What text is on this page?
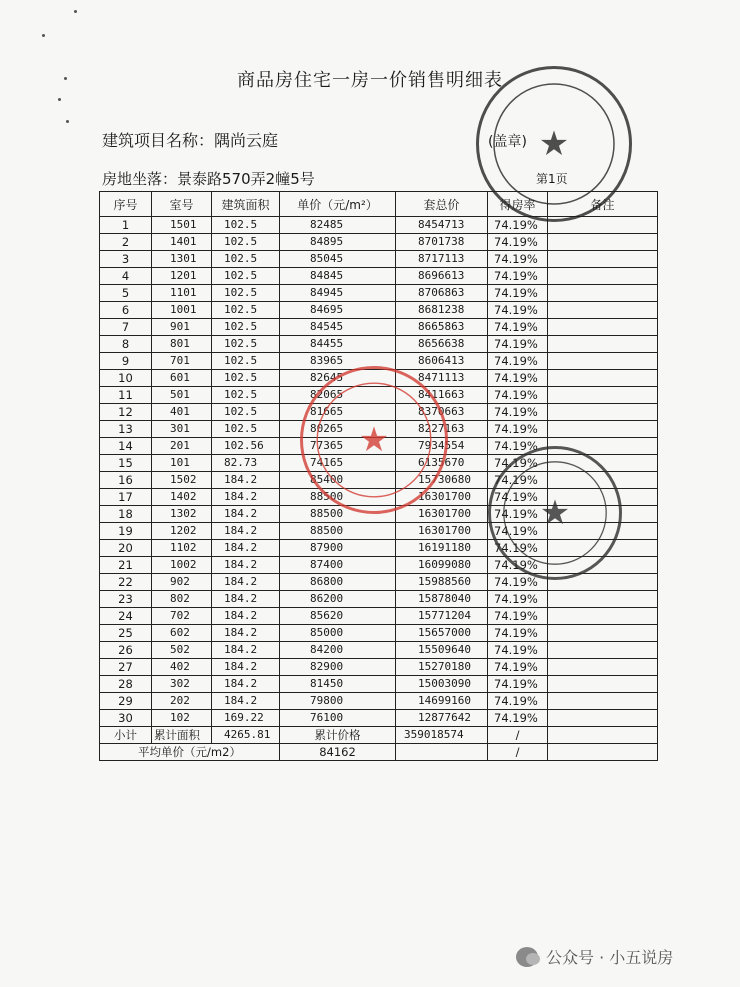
商品房住宅一房一价销售明细表
建筑项目名称：隅尚云庭	(盖章)
房地坐落：景泰路570弄2幢5号	第1页
序号	室号	建筑面积	单价（元/m²）	套总价	得房率	备注
1	1501	102.5	82485	8454713	74.19%	
2	1401	102.5	84895	8701738	74.19%	
3	1301	102.5	85045	8717113	74.19%	
4	1201	102.5	84845	8696613	74.19%	
5	1101	102.5	84945	8706863	74.19%	
6	1001	102.5	84695	8681238	74.19%	
7	901	102.5	84545	8665863	74.19%	
8	801	102.5	84455	8656638	74.19%	
9	701	102.5	83965	8606413	74.19%	
10	601	102.5	82645	8471113	74.19%	
11	501	102.5	82065	8411663	74.19%	
12	401	102.5	81665	8370663	74.19%	
13	301	102.5	80265	8227163	74.19%	
14	201	102.56	77365	7934554	74.19%	
15	101	82.73	74165	6135670	74.19%	
16	1502	184.2	85400	15730680	74.19%	
17	1402	184.2	88500	16301700	74.19%	
18	1302	184.2	88500	16301700	74.19%	
19	1202	184.2	88500	16301700	74.19%	
20	1102	184.2	87900	16191180	74.19%	
21	1002	184.2	87400	16099080	74.19%	
22	902	184.2	86800	15988560	74.19%	
23	802	184.2	86200	15878040	74.19%	
24	702	184.2	85620	15771204	74.19%	
25	602	184.2	85000	15657000	74.19%	
26	502	184.2	84200	15509640	74.19%	
27	402	184.2	82900	15270180	74.19%	
28	302	184.2	81450	15003090	74.19%	
29	202	184.2	79800	14699160	74.19%	
30	102	169.22	76100	12877642	74.19%	
小计	累计面积	4265.81	累计价格	359018574	/	
平均单价（元/m2）			84162		/	
★
★
★
公众号 · 小五说房
